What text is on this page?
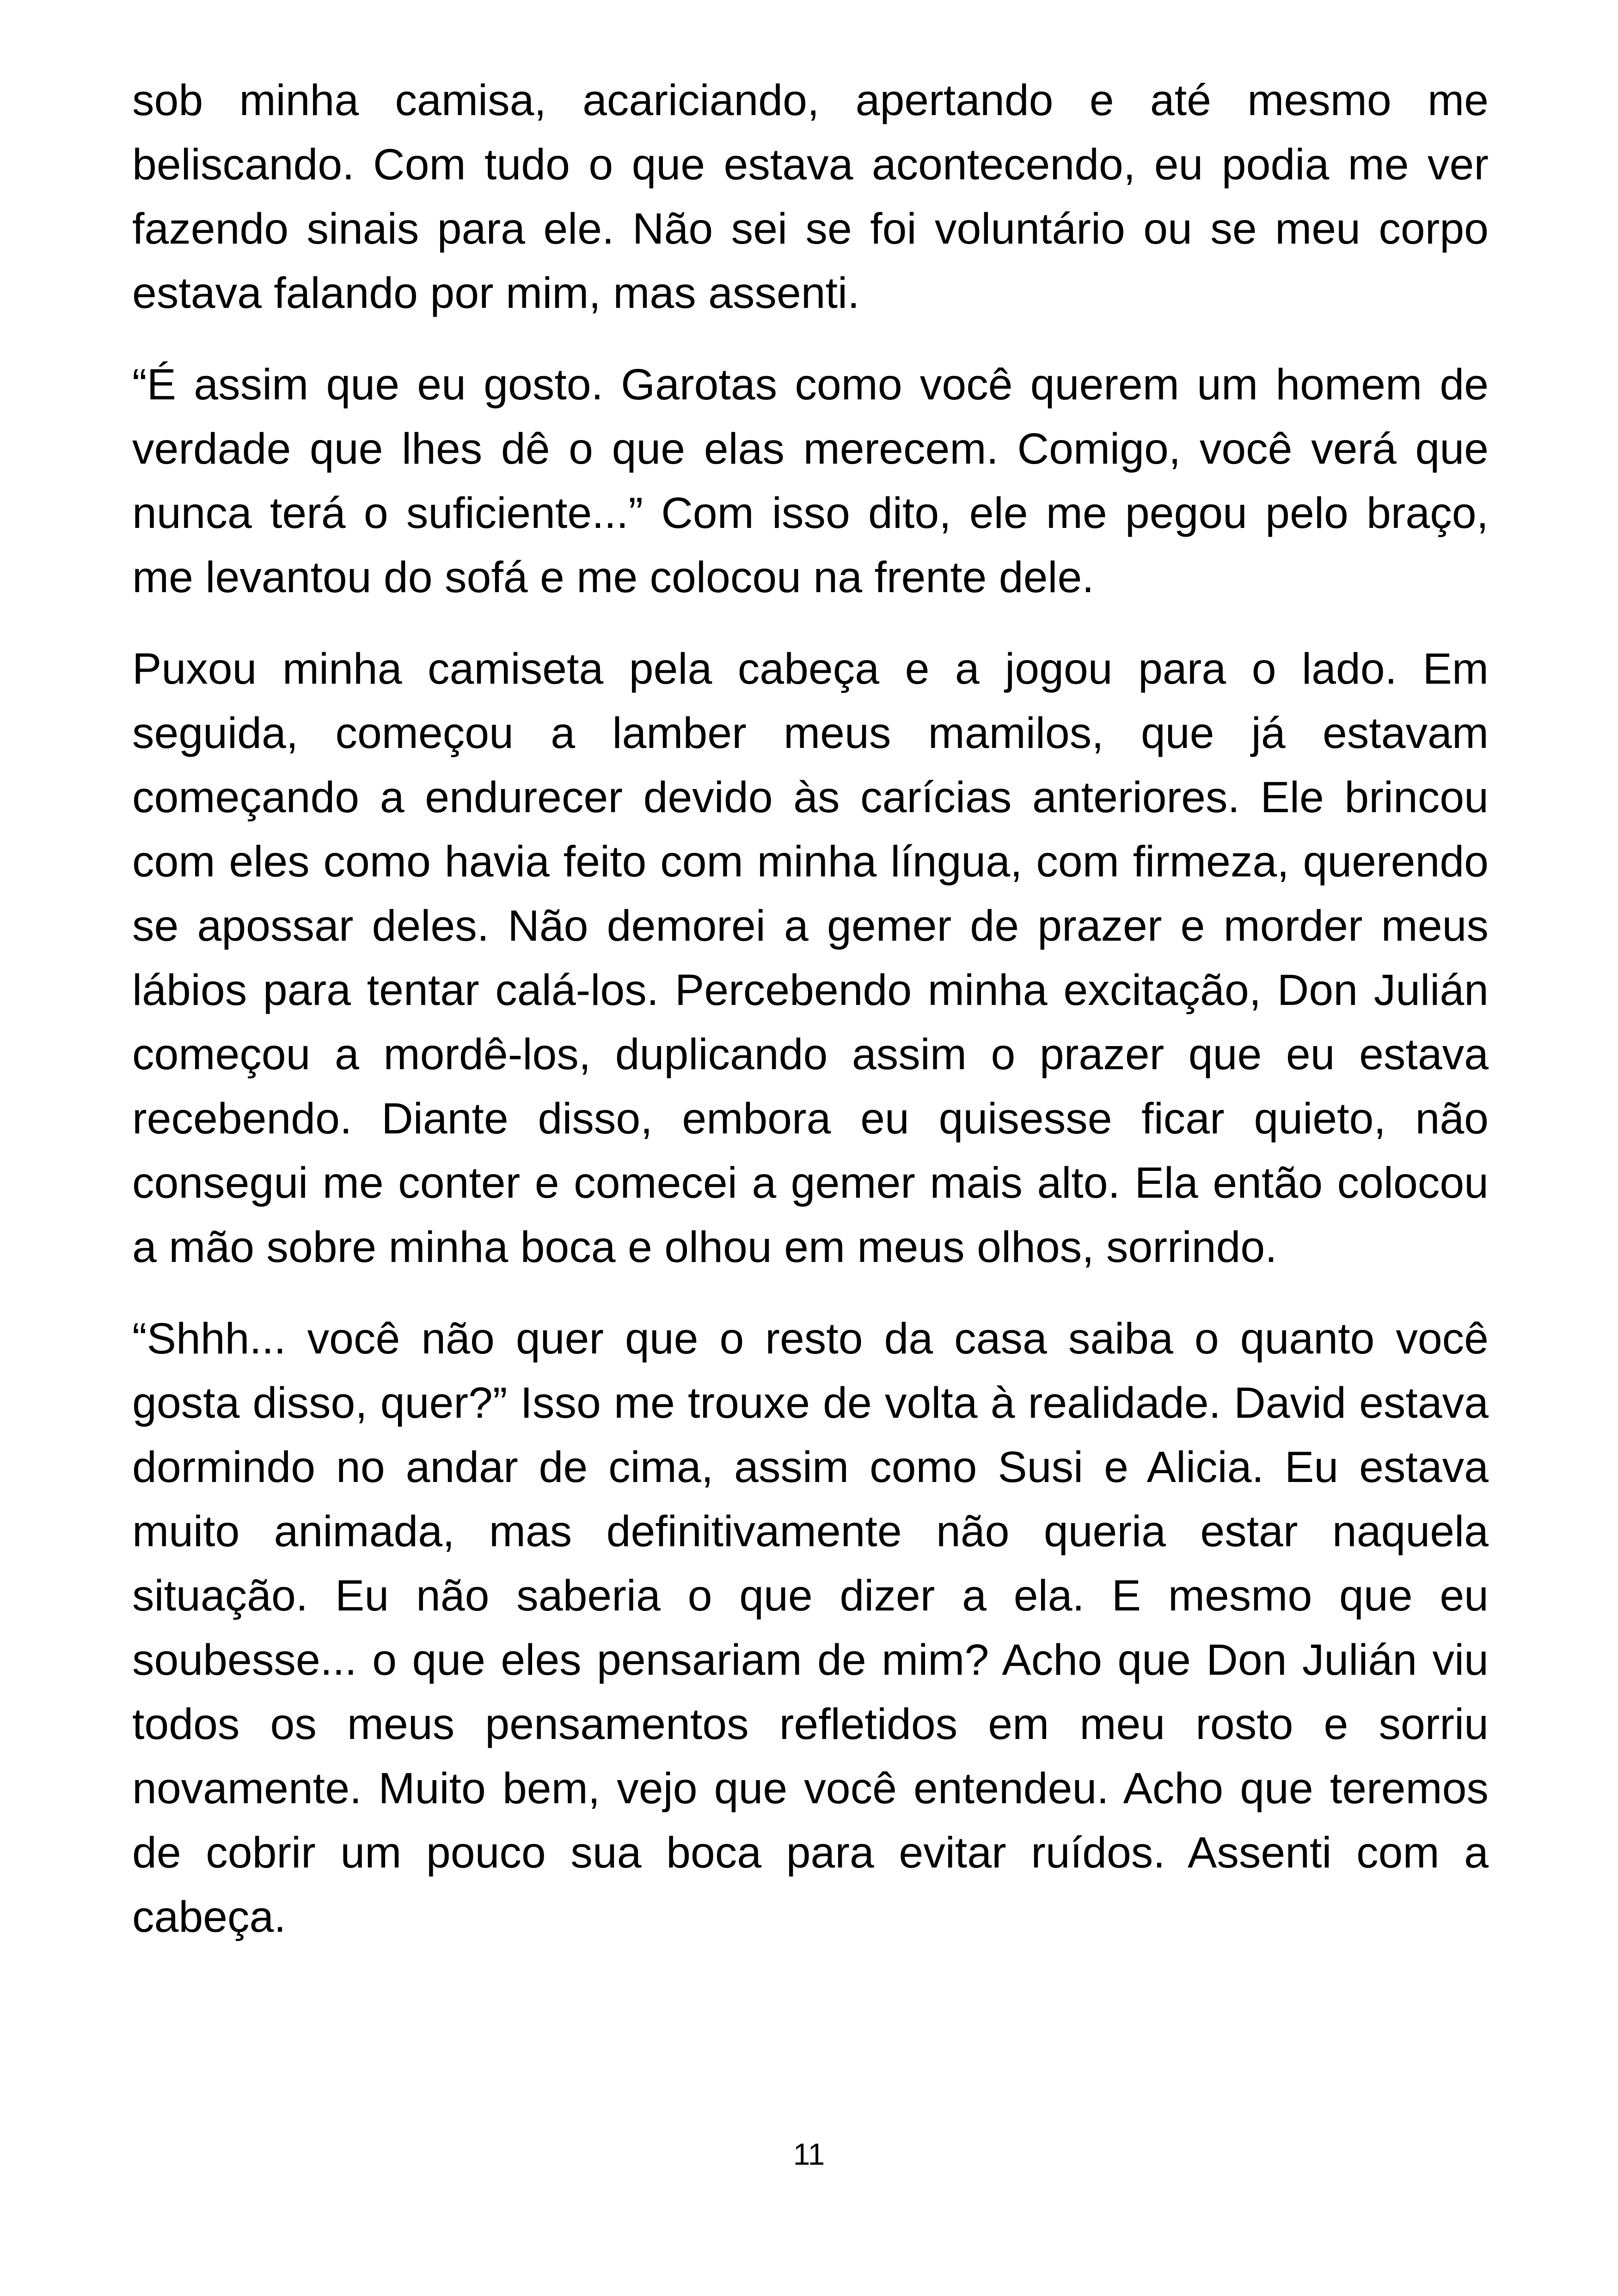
sob minha camisa, acariciando, apertando e até mesmo me beliscando. Com tudo o que estava acontecendo, eu podia me ver fazendo sinais para ele. Não sei se foi voluntário ou se meu corpo estava falando por mim, mas assenti.

“É assim que eu gosto. Garotas como você querem um homem de verdade que lhes dê o que elas merecem. Comigo, você verá que nunca terá o suficiente...” Com isso dito, ele me pegou pelo braço, me levantou do sofá e me colocou na frente dele.

Puxou minha camiseta pela cabeça e a jogou para o lado. Em seguida, começou a lamber meus mamilos, que já estavam começando a endurecer devido às carícias anteriores. Ele brincou com eles como havia feito com minha língua, com firmeza, querendo se apossar deles. Não demorei a gemer de prazer e morder meus lábios para tentar calá-los. Percebendo minha excitação, Don Julián começou a mordê-los, duplicando assim o prazer que eu estava recebendo. Diante disso, embora eu quisesse ficar quieto, não consegui me conter e comecei a gemer mais alto. Ela então colocou a mão sobre minha boca e olhou em meus olhos, sorrindo.

“Shhh... você não quer que o resto da casa saiba o quanto você gosta disso, quer?” Isso me trouxe de volta à realidade. David estava dormindo no andar de cima, assim como Susi e Alicia. Eu estava muito animada, mas definitivamente não queria estar naquela situação. Eu não saberia o que dizer a ela. E mesmo que eu soubesse... o que eles pensariam de mim? Acho que Don Julián viu todos os meus pensamentos refletidos em meu rosto e sorriu novamente. Muito bem, vejo que você entendeu. Acho que teremos de cobrir um pouco sua boca para evitar ruídos. Assenti com a cabeça.

11
